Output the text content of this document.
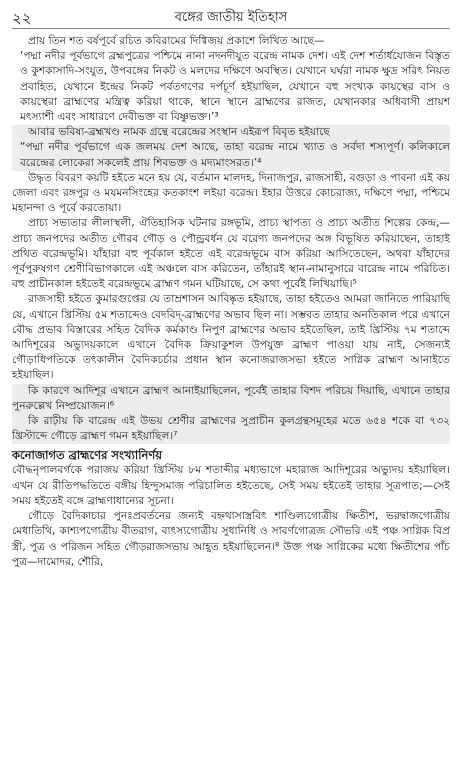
২২	বঙ্গের জাতীয় ইতিহাস

প্রায় তিন শত বর্ষপূর্বে রচিত কবিরামের দিগ্বিজয় প্রকাশে লিখিত আছে—

‘পদ্মা নদীর পূর্বভাগে ব্রহ্মপুত্রের পশ্চিমে নানা নদনদীযুত বরেন্দ্র নামক দেশ। এই দেশ শর্তার্ধযোজন বিস্তৃত ও কুশকাসাদি-সংযুত, উপবঙ্গের নিকট ও মলদের দক্ষিণে অবস্থিত। যেখানে ঘর্ঘরা নামক ক্ষুদ্র সরিৎ নিয়ত প্রবাহিত, যেখানে ইন্দ্রের নিকট পর্বতগণের দর্পচূর্ণ হইয়াছিল, যেখানে বহু সংখ্যক কায়স্থের বাস ও কায়স্থেরা ব্রাহ্মণের মন্ত্রিত্ব করিয়া থাকে, স্থানে স্থানে ব্রাহ্মণের রাজত, যেখানকার অধিবাসী প্রায়শ মৎস্যাশী এবং সাধারণে দেবীভক্ত বা বিষ্ণুভক্ত।’³

আবার ভবিষ্য-ব্রহ্মখণ্ড নামক গ্রন্থে বরেন্দ্রের সংস্থান এইরূপ বিবৃত হইয়াছে

“পদ্মা নদীর পূর্বভাগে এক জলময় দেশ আছে, তাহা বরেন্দ্র নামে খ্যাত ও সর্বদা শস্যপূর্ণ। কলিকালে বরেন্দ্রের লোকেরা সকলেই প্রায় শিবভক্ত ও মদ্যমাংসরত।’⁴

উদ্ধৃত বিবরণ কয়টি হইতে মনে হয় যে, বর্তমান মালদহ, দিনাজপুর, রাজসাহী, বগুড়া ও পাবনা এই কয় জেলা এবং রঙ্গপুর ও মযমনসিংহের কতকাংশ লইয়া বরেন্দ্র। ইহার উত্তরে কোচরাজ্য, দক্ষিণে পদ্মা, পশ্চিমে মহানন্দা ও পূর্বে করতোয়া।

প্রাচ্য সভ্যতার লীলাস্থলী, ঐতিহাসিক ঘটনার রঙ্গভূমি, প্রাচ্য স্থাপত্য ও প্রাচ্য অতীত শিল্পের কেন্দ্র,—প্রাচ্য জনপদের অতীত গৌরব গৌড় ও পৌন্ড্রবর্ধন যে বরেণ্য জনপদের অঙ্গ বিভূষিত করিয়াছেন, তাহাই প্রথিত বরেন্দ্রভূমি। যাঁহারা বহু পূর্বকাল হইতে এই বরেন্দ্রভূমে বাস করিয়া আসিতেছেন, অথবা যাঁহাদের পূর্বপুরুষগণ শ্রেণীবিভাগকালে এই অঞ্চলে বাস করিতেন, তাঁহারই স্থান-নামানুসারে বারেন্দ্র নামে পরিচিত। বহু প্রাচীনকাল হইতেই বরেন্দ্রভূমে ব্রাহ্মণ গমন ঘটিয়াছে, সে কথা পূর্বেই লিখিয়াছি।⁵

রাজসাহী হইতে কুমারগুপ্তের যে তাম্রশাসন আবিষ্কৃত হইয়াছে, তাহা হইতেও আমরা জানিতে পারিয়াছি যে, এখানে খ্রিস্টিয় ৫ম শতাব্দেও বেদবিদ্-ব্রাহ্মণের অভাব ছিল না। সম্ভবত তাহার অনতিকাল পরে এখানে বৌদ্ধ প্রভাব বিস্তারের সহিত বৈদিক কর্মকাণ্ড নিপুণ ব্রাহ্মণের অভাব হইতেছিল, তাই খ্রিস্টিয় ৭ম শতাব্দে আদিশূরের অভ্যুদয়কালে এখানে বৈদিক ক্রিয়াকুশল উপযুক্ত ব্রাহ্মণ পাওয়া যায় নাই, সেজন্যই গৌড়াধিপতিকে তৎকালীন বৈদিকচর্চার প্রধান স্থান কনোজরাজসভা হইতে সাগ্নিক ব্রাহ্মণ আনাইতে হইয়াছিল।

কি কারণে আদিশূর এখানে ব্রাহ্মণ আনাইয়াছিলেন, পূর্বেই তাহার বিশদ পরিচয় দিয়াছি, এখানে তাহার পুনরুল্লেখ নিষ্প্রয়োজন।⁶

কি রাঢ়ীয় কি বারেন্দ্র এই উভয় শ্রেণীর ব্রাহ্মণের সুপ্রাচীন কুলগ্রন্থসমূহের মতে ৬৫৪ শকে বা ৭৩২ খ্রিস্টাব্দে গৌড়ে ব্রাহ্মণ গমন হইয়াছিল।⁷

কনোজাগত ব্রাহ্মণের সংখ্যানির্ণয়

বৌদ্ধনৃপালবর্গকে পরাজয় করিয়া খ্রিস্টিয় ৮ম শতাব্দীর মধ্যভাগে মহারাজ আদিশূরের অভ্যুদয় হইয়াছিল। এখন যে রীতিপদ্ধতিতে বঙ্গীয় হিন্দুসমাজ পরিচালিত হইতেছে, সেই সময় হইতেই তাহার সূত্রপাত;—সেই সময় হইতেই বঙ্গে ব্রাহ্মণাধান্যের সূচনা।

গৌড়ে বৈদিকাচার পুনঃপ্রবর্তনের জন্যই বহ্নথাসাস্ত্রবিৎ শাণ্ডিল্যগোত্রীয় ক্ষিতীশ, ভরদ্বাজগোত্রীয় মেধাতিথি, কাশ্যপগোত্রীয় বীতরাগ, বাৎস্যগোত্রীয় সুধানিধি ও সাবর্ণগোত্রজ সৌভরি এই পঞ্চ সাগ্নিক বিপ্র স্ত্রী, পুত্র ও পরিজন সহিত গৌড়রাজসভায় আহূত হইয়াছিলেন।⁸ উক্ত পঞ্চ সাগ্নিকের মধ্যে ক্ষিতীশের পাঁচ পুত্র—দামোদর, শৌরি,
